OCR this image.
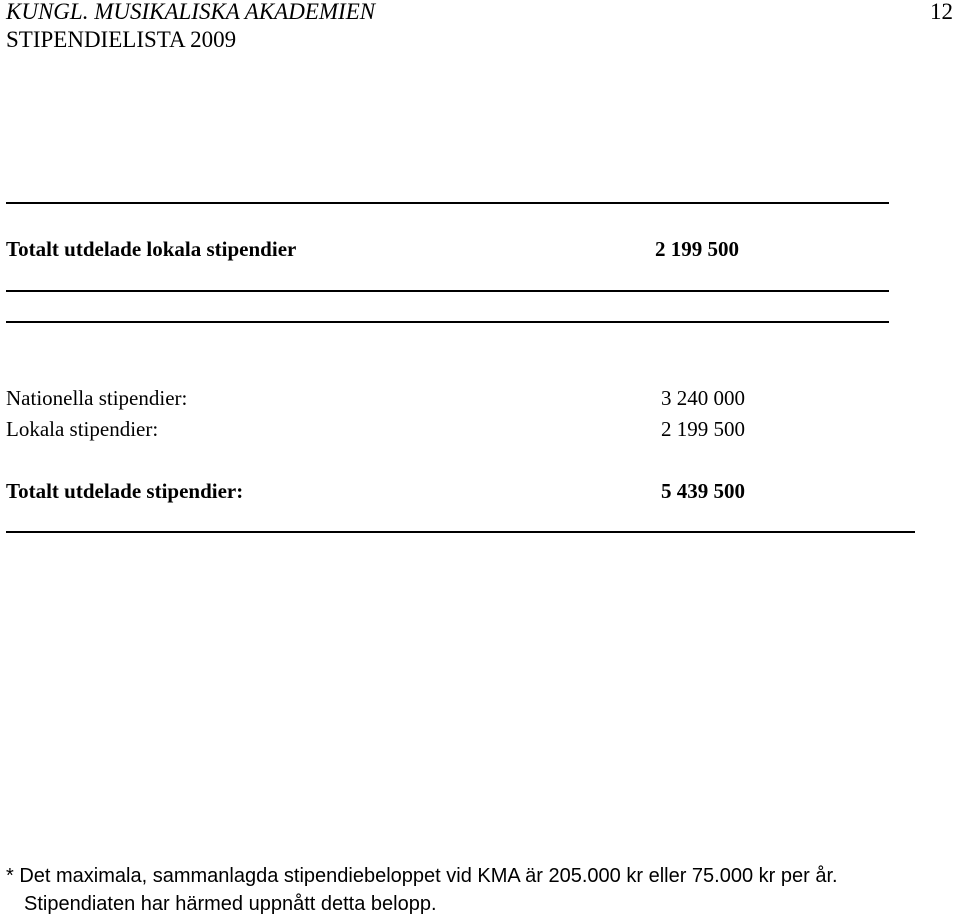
KUNGL. MUSIKALISKA AKADEMIEN
STIPENDIELISTA 2009
12
Totalt utdelade lokala stipendier	2 199 500
Nationella stipendier:	3 240 000
Lokala stipendier:	2 199 500
Totalt utdelade stipendier:	5 439 500
* Det maximala, sammanlagda stipendiebeloppet vid KMA är 205.000 kr eller 75.000 kr per år.
Stipendiaten har härmed uppnått detta belopp.
